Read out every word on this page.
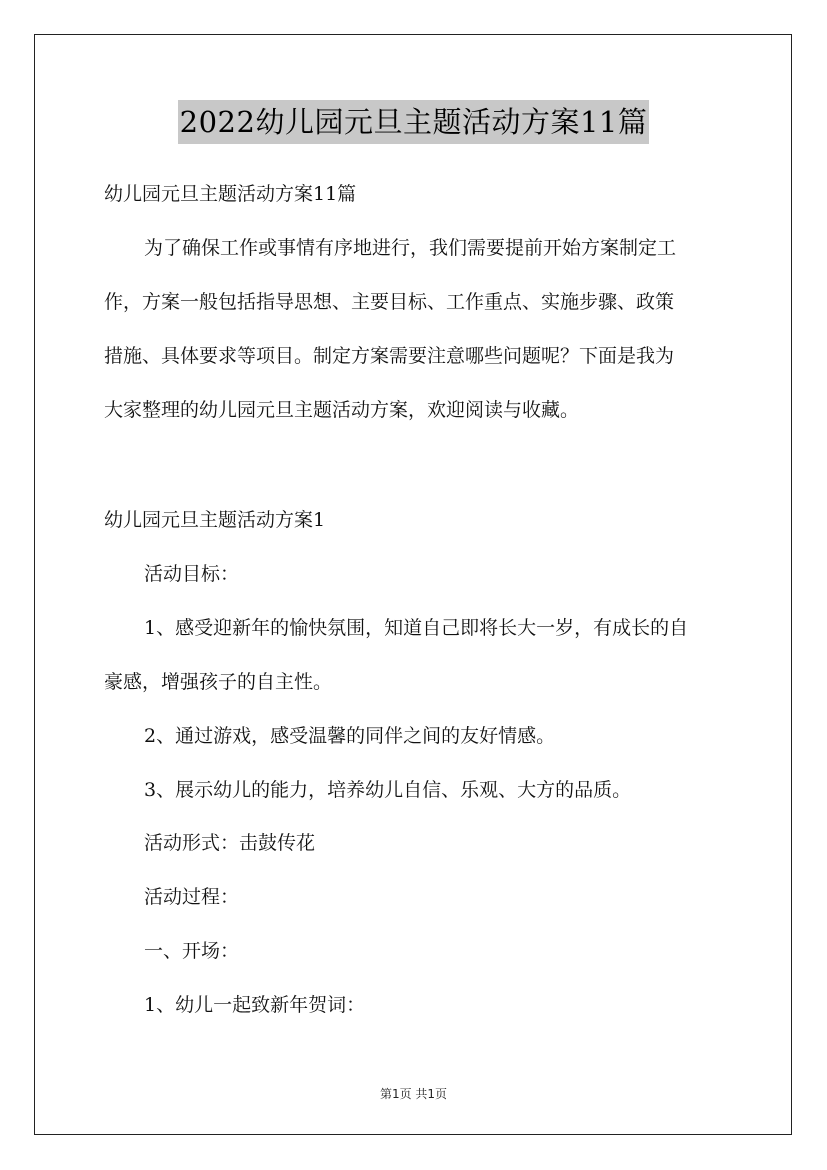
2022幼儿园元旦主题活动方案11篇
幼儿园元旦主题活动方案11篇
为了确保工作或事情有序地进行，我们需要提前开始方案制定工
作，方案一般包括指导思想、主要目标、工作重点、实施步骤、政策
措施、具体要求等项目。制定方案需要注意哪些问题呢？下面是我为
大家整理的幼儿园元旦主题活动方案，欢迎阅读与收藏。
幼儿园元旦主题活动方案1
活动目标：
1、感受迎新年的愉快氛围，知道自己即将长大一岁，有成长的自
豪感，增强孩子的自主性。
2、通过游戏，感受温馨的同伴之间的友好情感。
3、展示幼儿的能力，培养幼儿自信、乐观、大方的品质。
活动形式：击鼓传花
活动过程：
一、开场：
1、幼儿一起致新年贺词：
第1页 共1页
